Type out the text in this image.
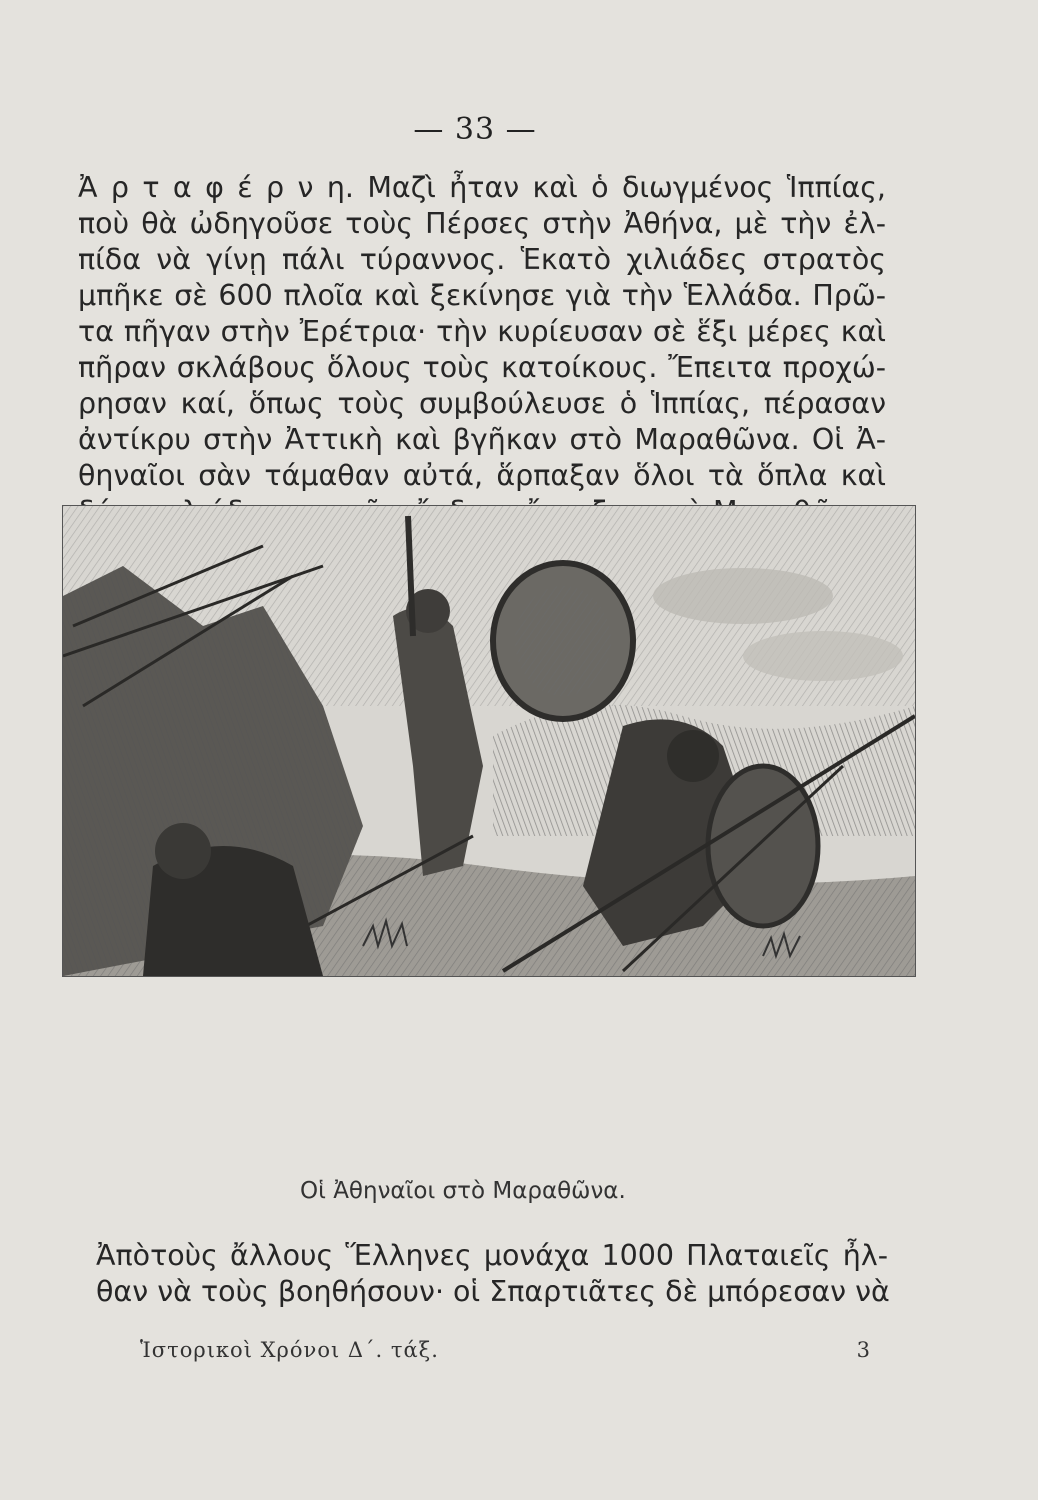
— 33 —
Ἀ ρ τ α φ έ ρ ν η. Μαζὶ ἦταν καὶ ὁ διωγμένος Ἱππίας,
ποὺ θὰ ὠδηγοῦσε τοὺς Πέρσες στὴν Ἀθήνα, μὲ τὴν ἐλ-
πίδα νὰ γίνῃ πάλι τύραννος. Ἑκατὸ χιλιάδες στρατὸς
μπῆκε σὲ 600 πλοῖα καὶ ξεκίνησε γιὰ τὴν Ἑλλάδα. Πρῶ-
τα πῆγαν στὴν Ἐρέτρια· τὴν κυρίευσαν σὲ ἕξι μέρες καὶ
πῆραν σκλάβους ὅλους τοὺς κατοίκους. Ἔπειτα προχώ-
ρησαν καί, ὅπως τοὺς συμβούλευσε ὁ Ἱππίας, πέρασαν
ἀντίκρυ στὴν Ἀττικὴ καὶ βγῆκαν στὸ Μαραθῶνα. Οἱ Ἀ-
θηναῖοι σὰν τάμαθαν αὐτά, ἅρπαξαν ὅλοι τὰ ὅπλα καὶ
Οἱ Ἀθηναῖοι στὸ Μαραθῶνα.
Ἀπὸτοὺς ἄλλους Ἕλληνες μονάχα 1000 Πλαταιεῖς ἦλ-
θαν νὰ τοὺς βοηθήσουν· οἱ Σπαρτιᾶτες δὲ μπόρεσαν νὰ
Ἱστορικοὶ Χρόνοι Δ΄. τάξ.	3
